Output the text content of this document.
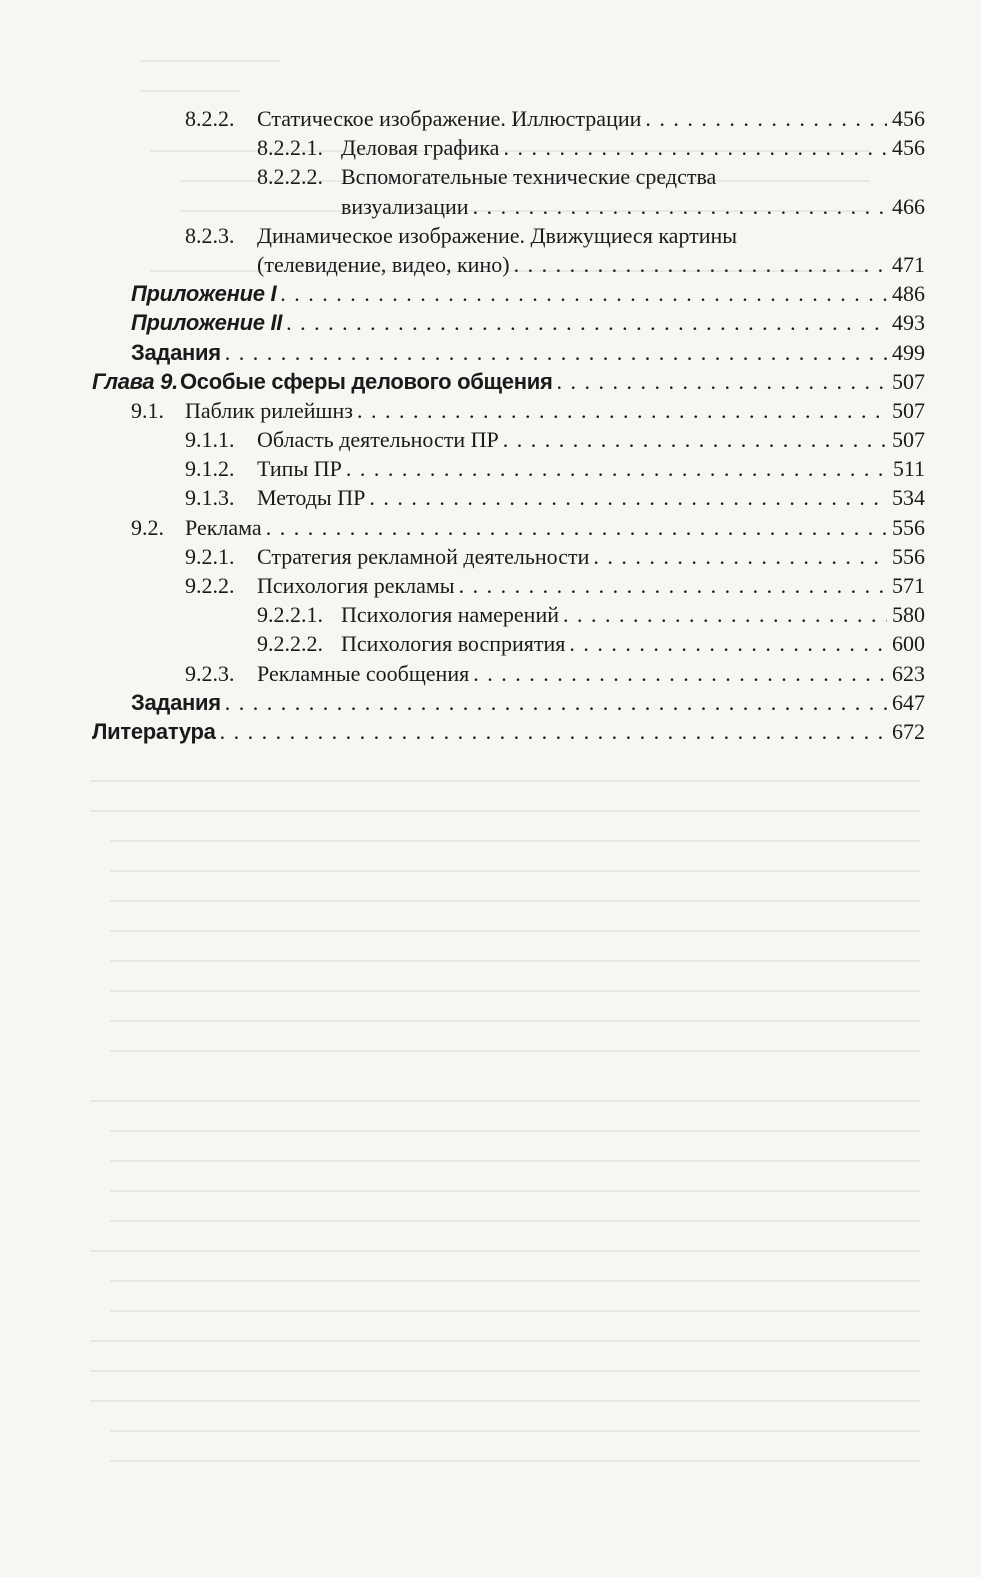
8.2.2. Статическое изображение. Иллюстрации . . .	456
8.2.2.1. Деловая графика . . .	456
8.2.2.2. Вспомогательные технические средства
визуализации . . .	466
8.2.3. Динамическое изображение. Движущиеся картины
(телевидение, видео, кино) . . .	471
Приложение I . . .	486
Приложение II . . .	493
Задания . . .	499
Глава 9. Особые сферы делового общения . . .	507
9.1. Паблик рилейшнз . . .	507
9.1.1. Область деятельности ПР . . .	507
9.1.2. Типы ПР . . .	511
9.1.3. Методы ПР . . .	534
9.2. Реклама . . .	556
9.2.1. Стратегия рекламной деятельности . . .	556
9.2.2. Психология рекламы . . .	571
9.2.2.1. Психология намерений . . .	580
9.2.2.2. Психология восприятия . . .	600
9.2.3. Рекламные сообщения . . .	623
Задания . . .	647
Литература . . .	672
